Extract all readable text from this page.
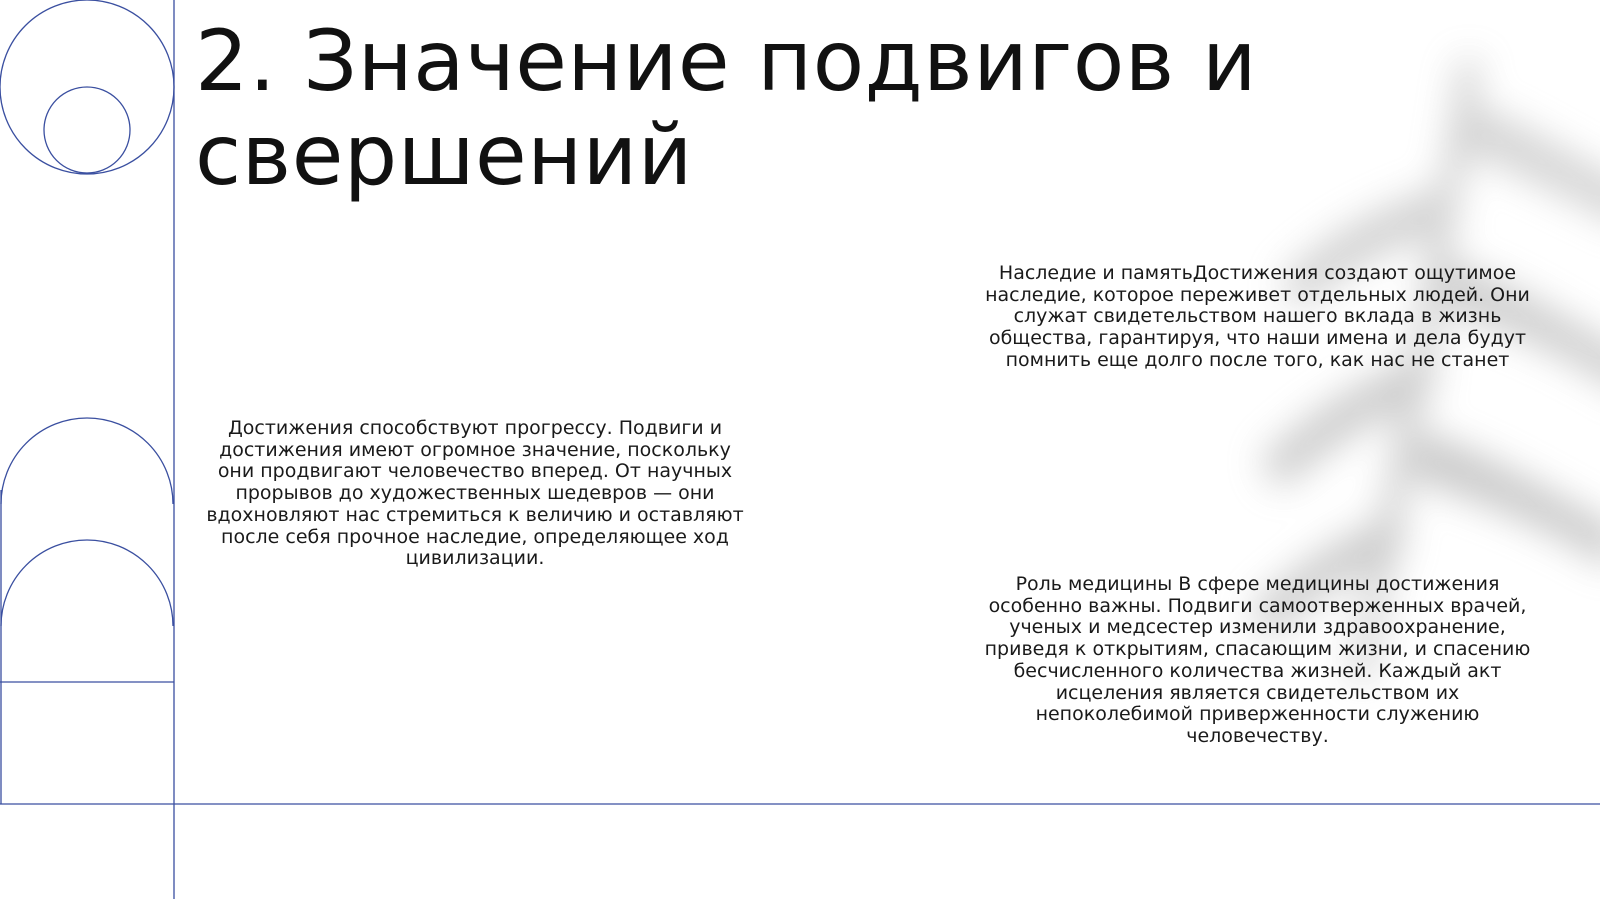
2. Значение подвигов и свершений

Достижения способствуют прогрессу. Подвиги и достижения имеют огромное значение, поскольку они продвигают человечество вперед. От научных прорывов до художественных шедевров — они вдохновляют нас стремиться к величию и оставляют после себя прочное наследие, определяющее ход цивилизации.

Наследие и памятьДостижения создают ощутимое наследие, которое переживет отдельных людей. Они служат свидетельством нашего вклада в жизнь общества, гарантируя, что наши имена и дела будут помнить еще долго после того, как нас не станет

Роль медицины В сфере медицины достижения особенно важны. Подвиги самоотверженных врачей, ученых и медсестер изменили здравоохранение, приведя к открытиям, спасающим жизни, и спасению бесчисленного количества жизней. Каждый акт исцеления является свидетельством их непоколебимой приверженности служению человечеству.
